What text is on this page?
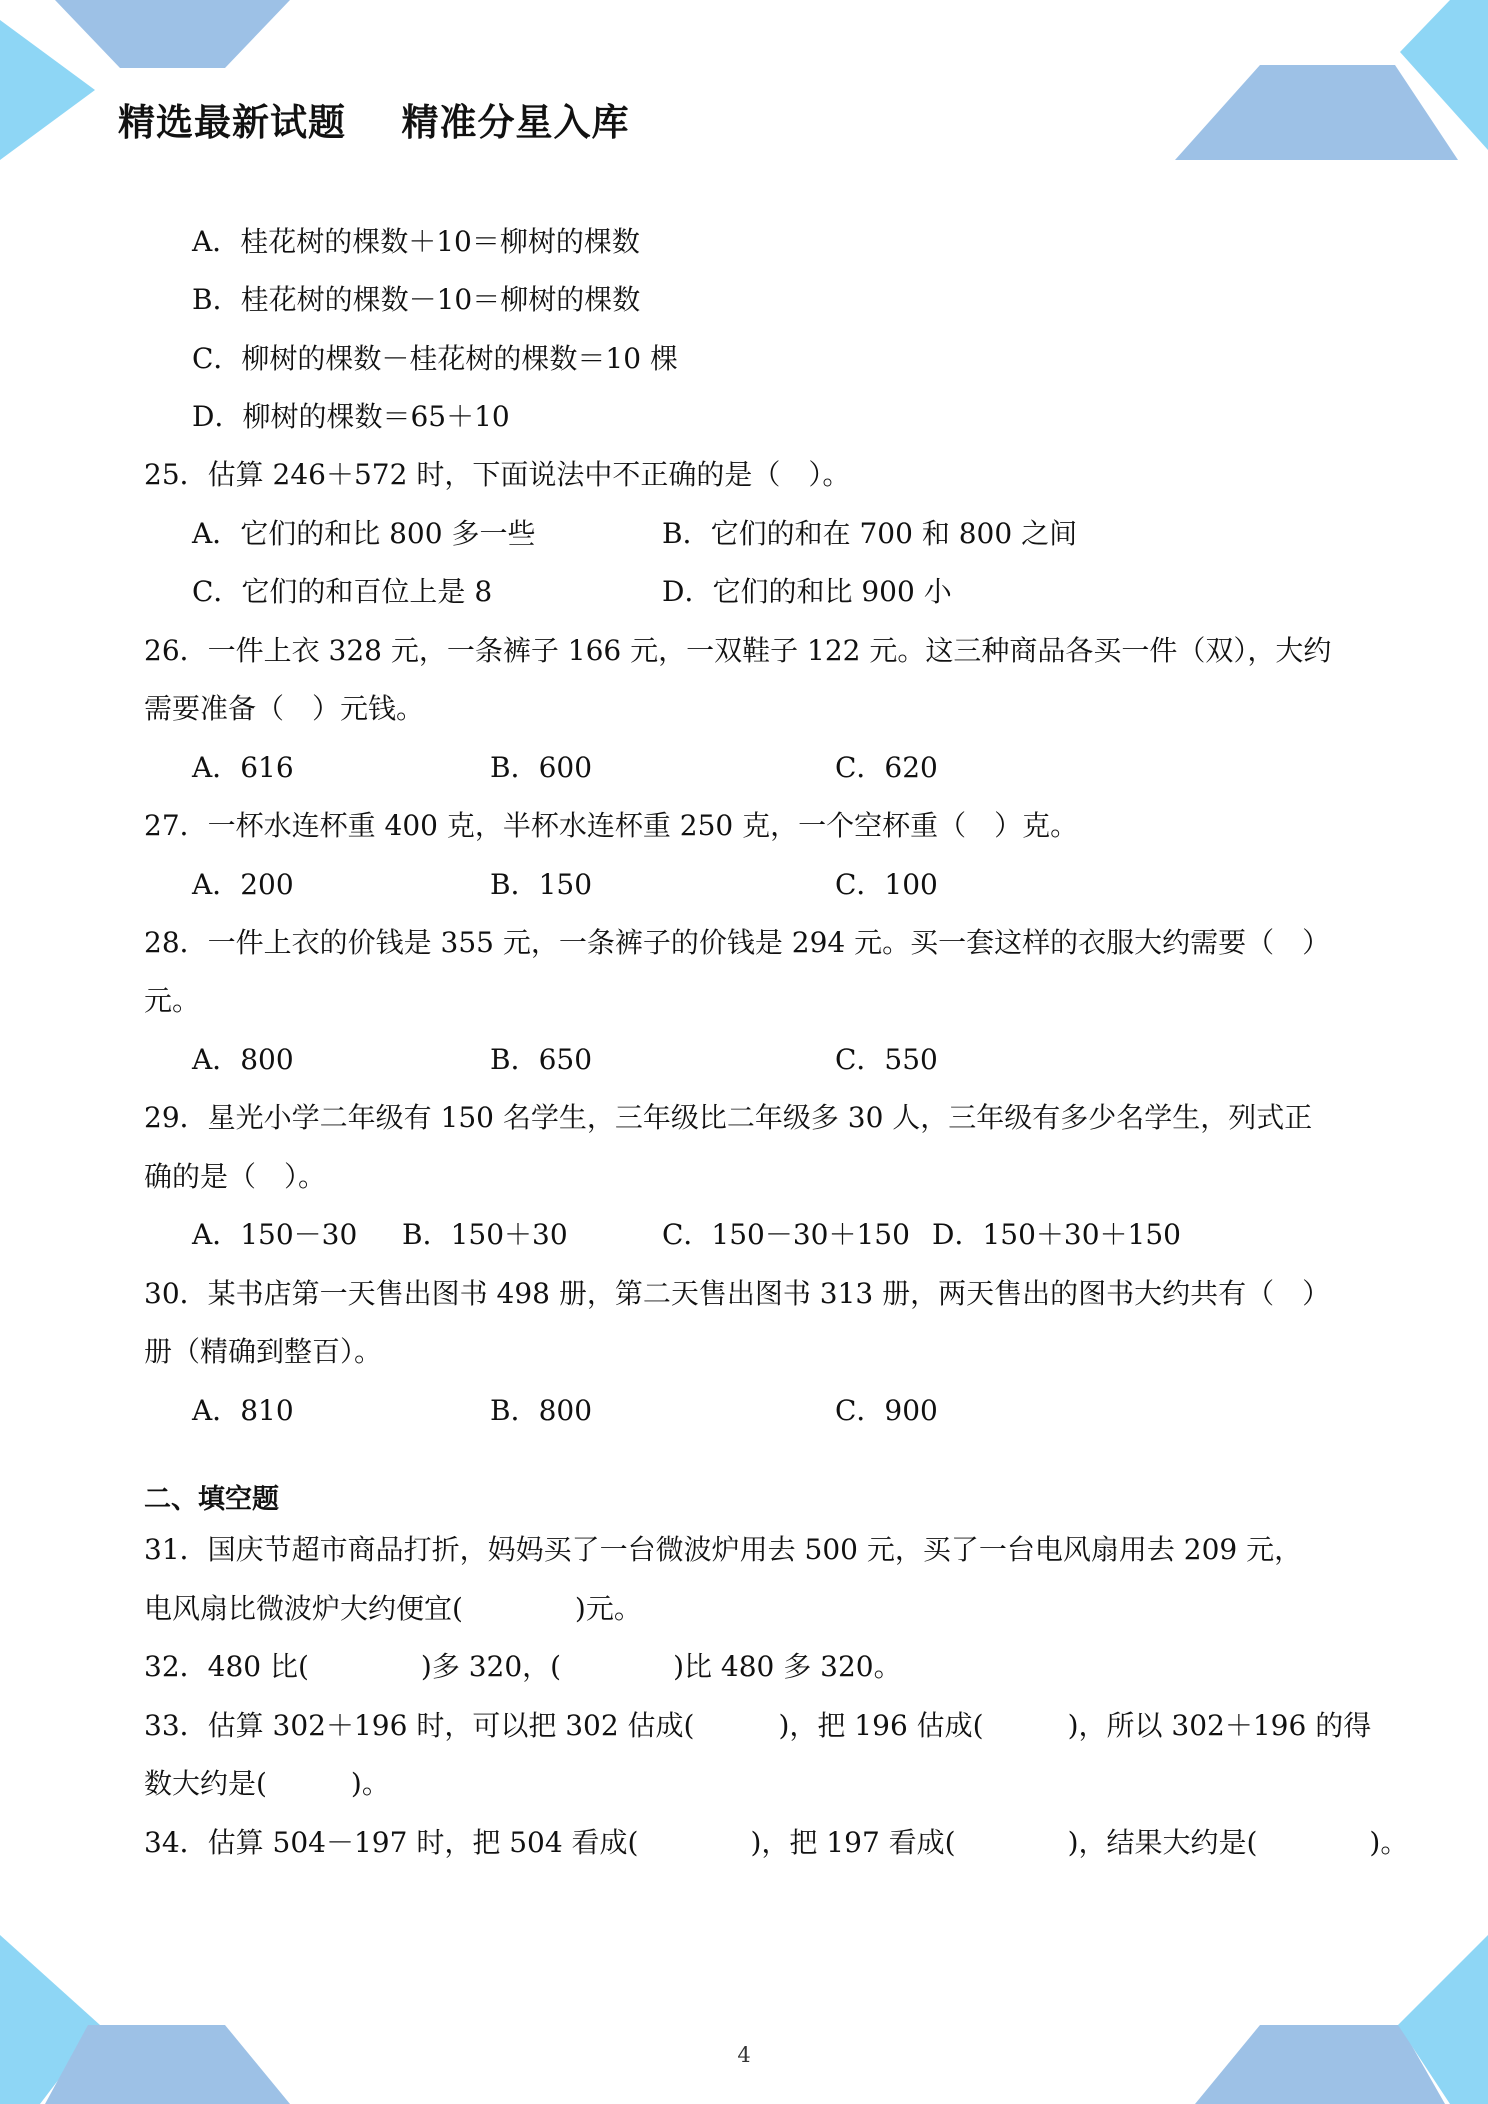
精选最新试题    精准分星入库
A．桂花树的棵数＋10＝柳树的棵数
B．桂花树的棵数－10＝柳树的棵数
C．柳树的棵数－桂花树的棵数＝10 棵
D．柳树的棵数＝65＋10
25．估算 246＋572 时，下面说法中不正确的是（　）。

A．它们的和比 800 多一些

	B．它们的和在 700 和 800 之间

C．它们的和百位上是 8

	D．它们的和比 900 小

26．一件上衣 328 元，一条裤子 166 元，一双鞋子 122 元。这三种商品各买一件（双），大约
需要准备（　）元钱。

A．616

	B．600

	C．620

27．一杯水连杯重 400 克，半杯水连杯重 250 克，一个空杯重（　）克。

A．200

	B．150

	C．100

28．一件上衣的价钱是 355 元，一条裤子的价钱是 294 元。买一套这样的衣服大约需要（　）
元。

A．800

	B．650

	C．550

29．星光小学二年级有 150 名学生，三年级比二年级多 30 人，三年级有多少名学生，列式正
确的是（　）。

A．150－30

B．150＋30

	C．150－30＋150

D．150＋30＋150

30．某书店第一天售出图书 498 册，第二天售出图书 313 册，两天售出的图书大约共有（　）
册（精确到整百）。

A．810

	B．800

	C．900

二、填空题
31．国庆节超市商品打折，妈妈买了一台微波炉用去 500 元，买了一台电风扇用去 209 元，
电风扇比微波炉大约便宜(　　　　)元。
32．480 比(　　　　)多 320，(　　　　)比 480 多 320。
33．估算 302＋196 时，可以把 302 估成(　　　)，把 196 估成(　　　)，所以 302＋196 的得
数大约是(　　　)。
34．估算 504－197 时，把 504 看成(　　　　)，把 197 看成(　　　　)，结果大约是(　　　　)。
4
